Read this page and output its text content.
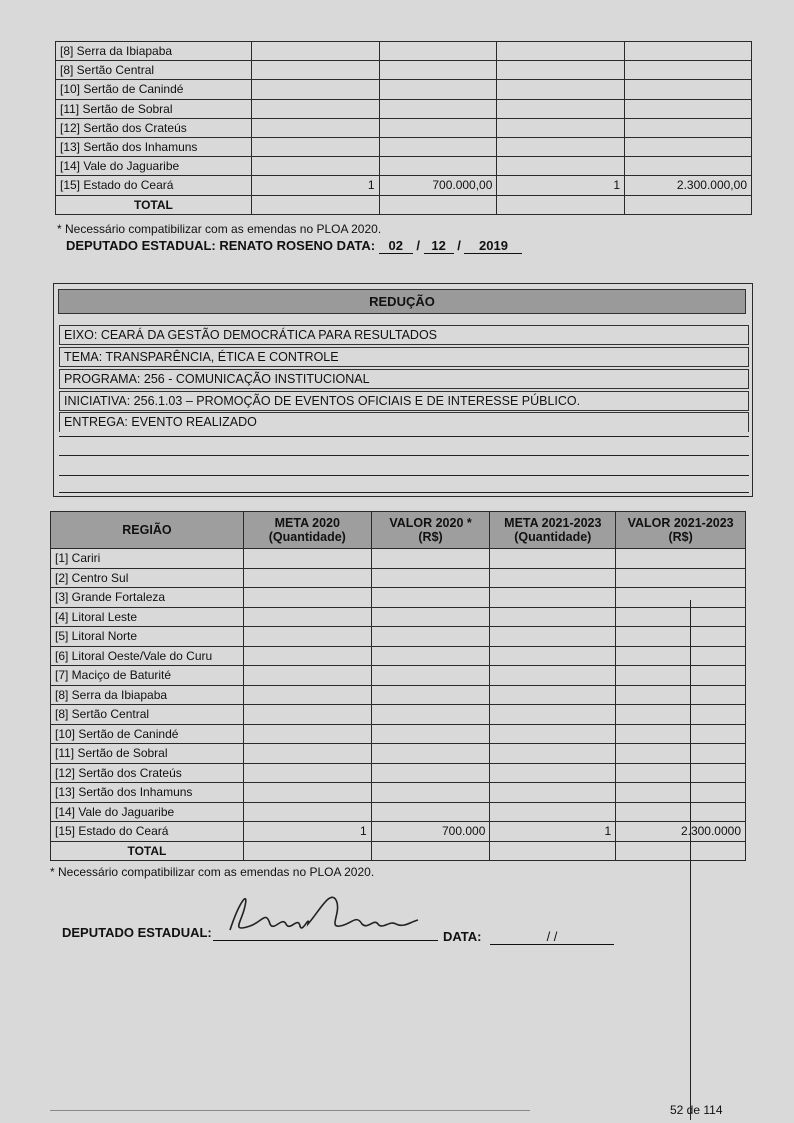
[8] Serra da Ibiapaba				
[8] Sertão Central				
[10] Sertão de Canindé				
[11] Sertão de Sobral				
[12] Sertão dos Crateús				
[13] Sertão dos Inhamuns				
[14] Vale do Jaguaribe				
[15] Estado do Ceará	1	700.000,00	1	2.300.000,00
TOTAL				
* Necessário compatibilizar com as emendas no PLOA 2020.
DEPUTADO ESTADUAL: RENATO ROSENO DATA: 02 / 12 / 2019
REDUÇÃO
EIXO: CEARÁ DA GESTÃO DEMOCRÁTICA PARA RESULTADOS
TEMA: TRANSPARÊNCIA, ÉTICA E CONTROLE
PROGRAMA: 256 - COMUNICAÇÃO INSTITUCIONAL
INICIATIVA: 256.1.03 – PROMOÇÃO DE EVENTOS OFICIAIS E DE INTERESSE PÚBLICO.
ENTREGA: EVENTO REALIZADO
REGIÃO	META 2020 (Quantidade)	VALOR 2020 * (R$)	META 2021-2023 (Quantidade)	VALOR 2021-2023 (R$)
[1] Cariri				
[2] Centro Sul				
[3] Grande Fortaleza				
[4] Litoral Leste				
[5] Litoral Norte				
[6] Litoral Oeste/Vale do Curu				
[7] Maciço de Baturité				
[8] Serra da Ibiapaba				
[8] Sertão Central				
[10] Sertão de Canindé				
[11] Sertão de Sobral				
[12] Sertão dos Crateús				
[13] Sertão dos Inhamuns				
[14] Vale do Jaguaribe				
[15] Estado do Ceará	1	700.000	1	2.300.0000
TOTAL				
* Necessário compatibilizar com as emendas no PLOA 2020.
DEPUTADO ESTADUAL:	DATA:	/ /
52 de 114
